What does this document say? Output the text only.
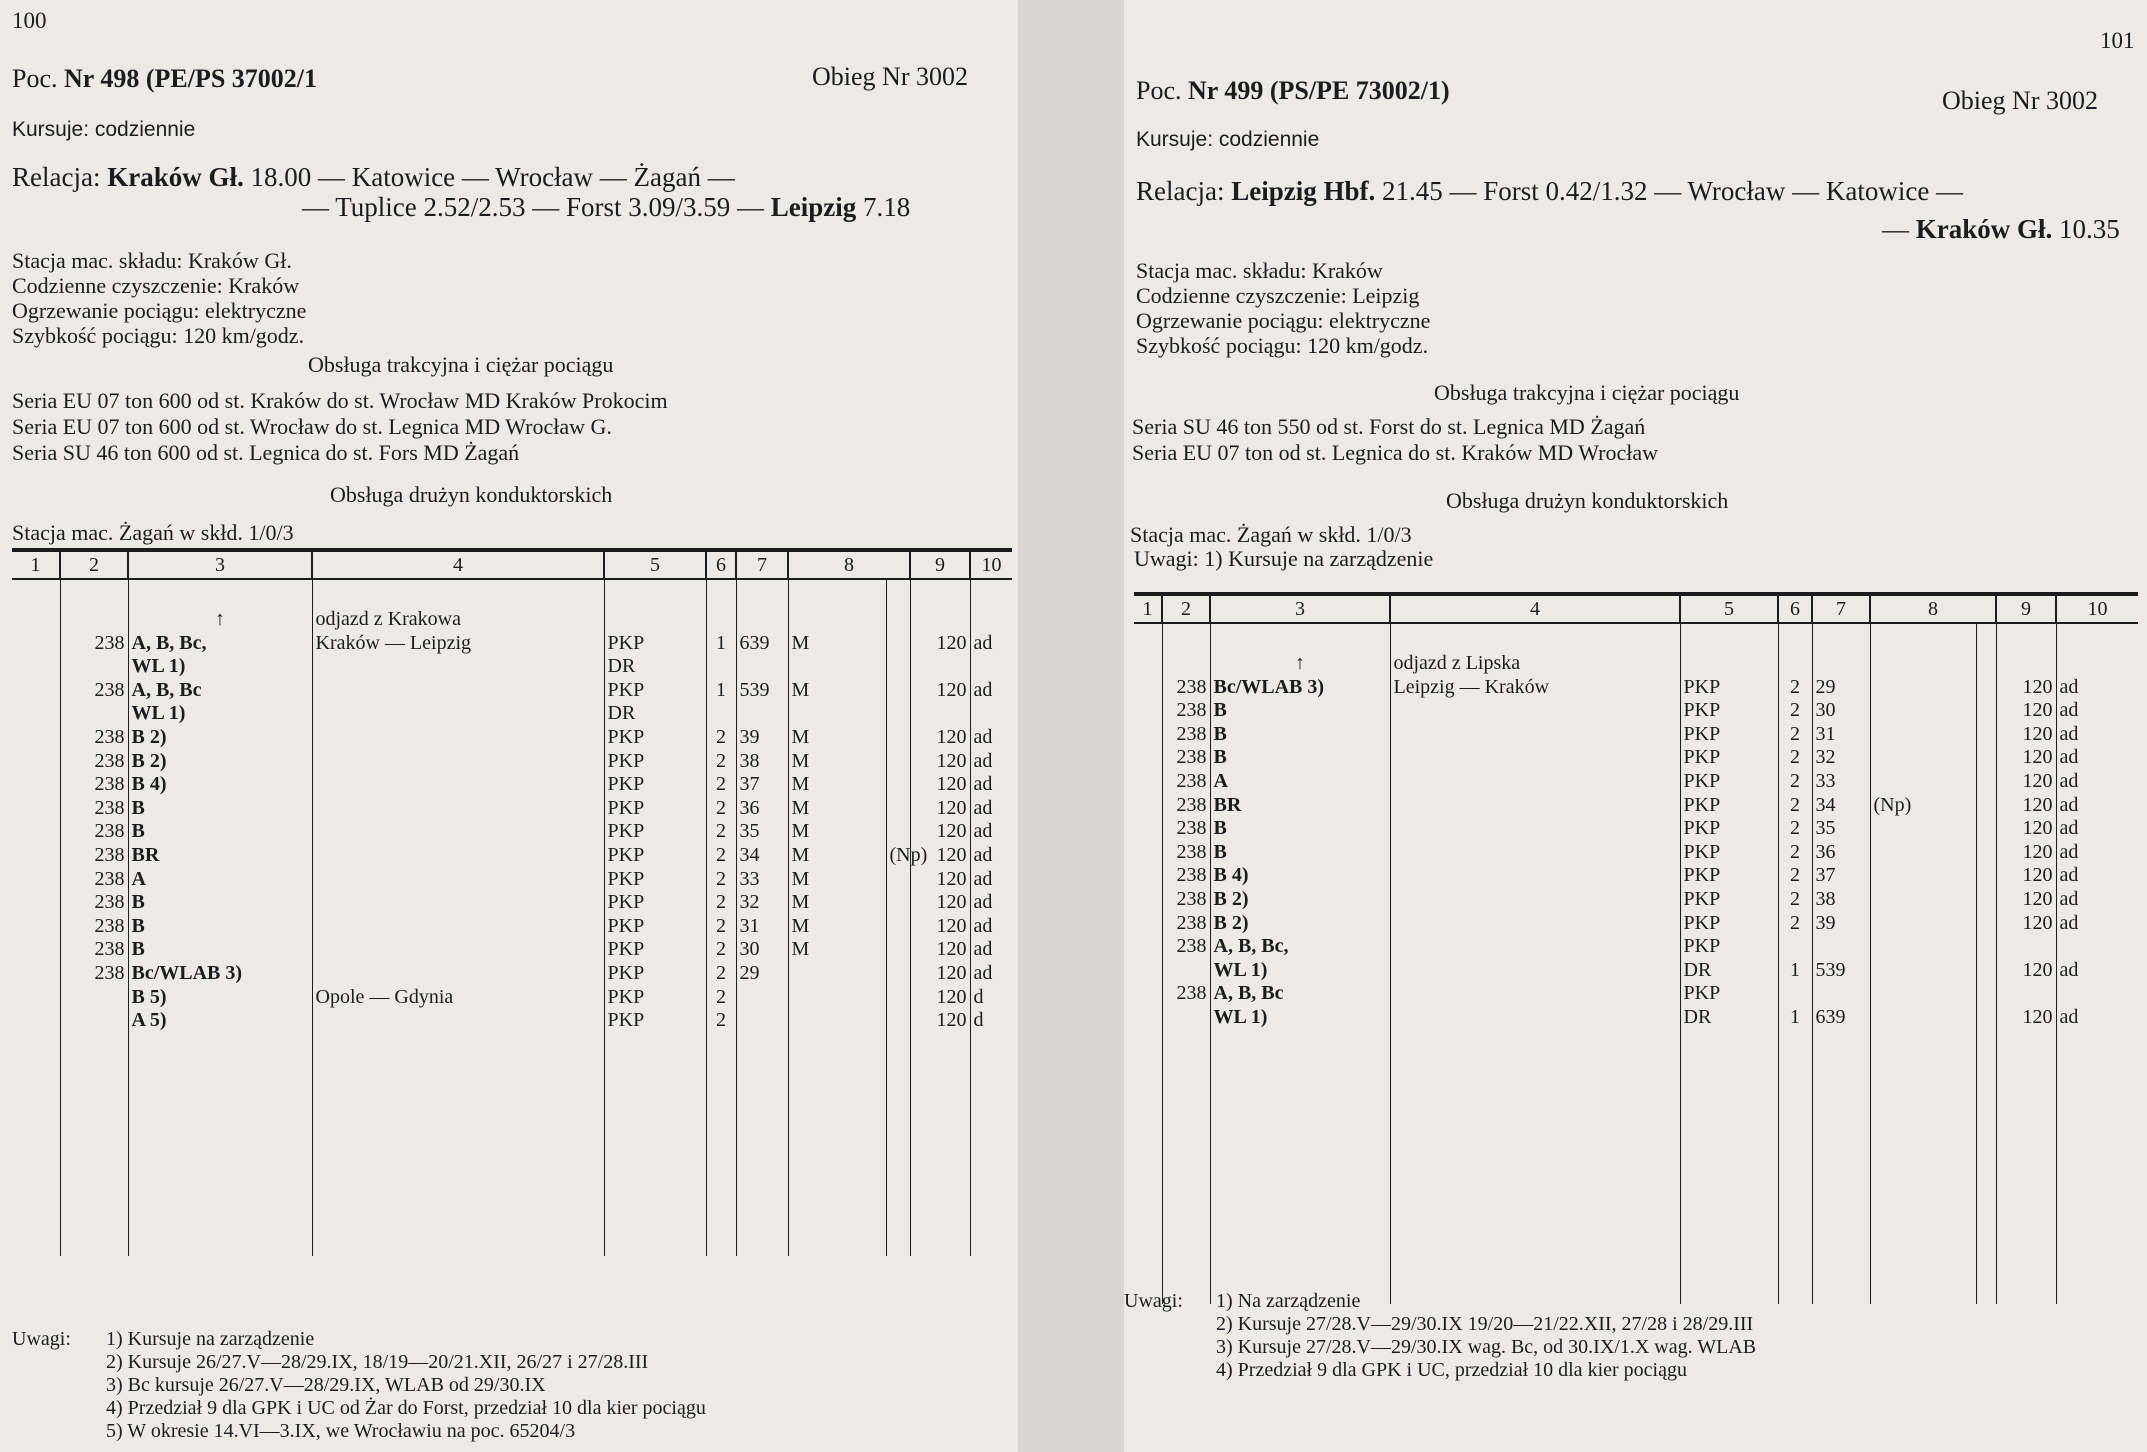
100
Poc. Nr 498 (PE/PS 37002/1	Obieg Nr 3002
Kursuje: codziennie
Relacja: Kraków Gł. 18.00 — Katowice — Wrocław — Żagań —
— Tuplice 2.52/2.53 — Forst 3.09/3.59 — Leipzig 7.18
Stacja mac. składu: Kraków Gł.
Codzienne czyszczenie: Kraków
Ogrzewanie pociągu: elektryczne
Szybkość pociągu: 120 km/godz.
Obsługa trakcyjna i ciężar pociągu
Seria EU 07 ton 600 od st. Kraków do st. Wrocław MD Kraków Prokocim
Seria EU 07 ton 600 od st. Wrocław do st. Legnica MD Wrocław G.
Seria SU 46 ton 600 od st. Legnica do st. Fors MD Żagań
Obsługa drużyn konduktorskich
Stacja mac. Żagań w skłd. 1/0/3
1	2	3	4	5	6	7	8		9	10

		↑	odjazd z Krakowa							
	238	A, B, Bc,	Kraków — Leipzig	PKP	1	639	M		120	ad
		WL 1)		DR						
	238	A, B, Bc		PKP	1	539	M		120	ad
		WL 1)		DR						
	238	B 2)		PKP	2	39	M		120	ad
	238	B 2)		PKP	2	38	M		120	ad
	238	B 4)		PKP	2	37	M		120	ad
	238	B		PKP	2	36	M		120	ad
	238	B		PKP	2	35	M		120	ad
	238	BR		PKP	2	34	M	(Np)	120	ad
	238	A		PKP	2	33	M		120	ad
	238	B		PKP	2	32	M		120	ad
	238	B		PKP	2	31	M		120	ad
	238	B		PKP	2	30	M		120	ad
	238	Bc/WLAB 3)		PKP	2	29			120	ad
		B 5)	Opole — Gdynia	PKP	2				120	d
		A 5)		PKP	2				120	d

Uwagi: 1) Kursuje na zarządzenie
2) Kursuje 26/27.V—28/29.IX, 18/19—20/21.XII, 26/27 i 27/28.III
3) Bc kursuje 26/27.V—28/29.IX, WLAB od 29/30.IX
4) Przedział 9 dla GPK i UC od Żar do Forst, przedział 10 dla kier pociągu
5) W okresie 14.VI—3.IX, we Wrocławiu na poc. 65204/3
101
Poc. Nr 499 (PS/PE 73002/1)	Obieg Nr 3002
Kursuje: codziennie
Relacja: Leipzig Hbf. 21.45 — Forst 0.42/1.32 — Wrocław — Katowice —
— Kraków Gł. 10.35
Stacja mac. składu: Kraków
Codzienne czyszczenie: Leipzig
Ogrzewanie pociągu: elektryczne
Szybkość pociągu: 120 km/godz.
Obsługa trakcyjna i ciężar pociągu
Seria SU 46 ton 550 od st. Forst do st. Legnica MD Żagań
Seria EU 07 ton od st. Legnica do st. Kraków MD Wrocław
Obsługa drużyn konduktorskich
Stacja mac. Żagań w skłd. 1/0/3
Uwagi: 1) Kursuje na zarządzenie
1	2	3	4	5	6	7	8		9	10

		↑	odjazd z Lipska							
	238	Bc/WLAB 3)	Leipzig — Kraków	PKP	2	29			120	ad
	238	B		PKP	2	30			120	ad
	238	B		PKP	2	31			120	ad
	238	B		PKP	2	32			120	ad
	238	A		PKP	2	33			120	ad
	238	BR		PKP	2	34	(Np)		120	ad
	238	B		PKP	2	35			120	ad
	238	B		PKP	2	36			120	ad
	238	B 4)		PKP	2	37			120	ad
	238	B 2)		PKP	2	38			120	ad
	238	B 2)		PKP	2	39			120	ad
	238	A, B, Bc,		PKP						
		WL 1)		DR	1	539			120	ad
	238	A, B, Bc		PKP						
		WL 1)		DR	1	639			120	ad

Uwagi: 1) Na zarządzenie
2) Kursuje 27/28.V—29/30.IX 19/20—21/22.XII, 27/28 i 28/29.III
3) Kursuje 27/28.V—29/30.IX wag. Bc, od 30.IX/1.X wag. WLAB
4) Przedział 9 dla GPK i UC, przedział 10 dla kier pociągu
